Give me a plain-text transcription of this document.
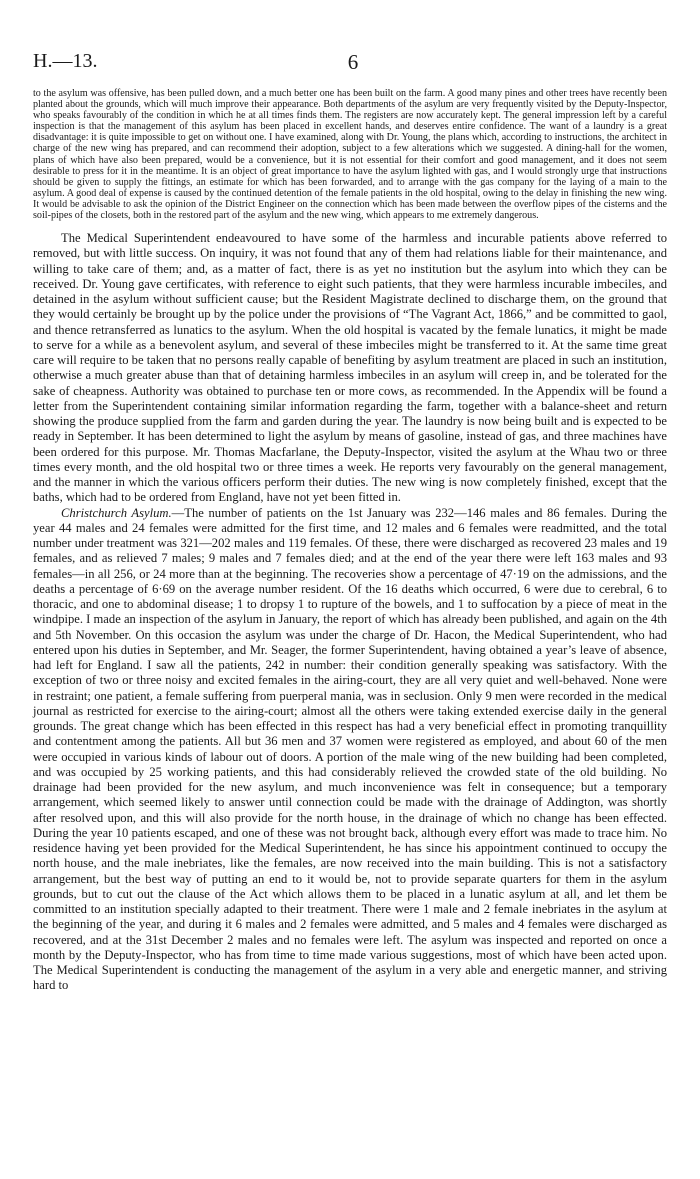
H.—13.	6

to the asylum was offensive, has been pulled down, and a much better one has been built on the farm. A good many pines and other trees have recently been planted about the grounds, which will much improve their appearance. Both departments of the asylum are very frequently visited by the Deputy-Inspector, who speaks favourably of the condition in which he at all times finds them. The registers are now accurately kept. The general impression left by a careful inspection is that the management of this asylum has been placed in excellent hands, and deserves entire confidence. The want of a laundry is a great disadvantage: it is quite impossible to get on without one. I have examined, along with Dr. Young, the plans which, according to instructions, the architect in charge of the new wing has prepared, and can recommend their adoption, subject to a few alterations which we suggested. A dining-hall for the women, plans of which have also been prepared, would be a convenience, but it is not essential for their comfort and good management, and it does not seem desirable to press for it in the meantime. It is an object of great importance to have the asylum lighted with gas, and I would strongly urge that instructions should be given to supply the fittings, an estimate for which has been forwarded, and to arrange with the gas company for the laying of a main to the asylum. A good deal of expense is caused by the continued detention of the female patients in the old hospital, owing to the delay in finishing the new wing. It would be advisable to ask the opinion of the District Engineer on the connection which has been made between the overflow pipes of the cisterns and the soil-pipes of the closets, both in the restored part of the asylum and the new wing, which appears to me extremely dangerous.

The Medical Superintendent endeavoured to have some of the harmless and incurable patients above referred to removed, but with little success. On inquiry, it was not found that any of them had relations liable for their maintenance, and willing to take care of them; and, as a matter of fact, there is as yet no institution but the asylum into which they can be received. Dr. Young gave certificates, with reference to eight such patients, that they were harmless incurable imbeciles, and detained in the asylum without sufficient cause; but the Resident Magistrate declined to discharge them, on the ground that they would certainly be brought up by the police under the provisions of “The Vagrant Act, 1866,” and be committed to gaol, and thence retransferred as lunatics to the asylum. When the old hospital is vacated by the female lunatics, it might be made to serve for a while as a benevolent asylum, and several of these imbeciles might be transferred to it. At the same time great care will require to be taken that no persons really capable of benefiting by asylum treatment are placed in such an institution, otherwise a much greater abuse than that of detaining harmless imbeciles in an asylum will creep in, and be tolerated for the sake of cheapness. Authority was obtained to purchase ten or more cows, as recommended. In the Appendix will be found a letter from the Superintendent containing similar information regarding the farm, together with a balance-sheet and return showing the produce supplied from the farm and garden during the year. The laundry is now being built and is expected to be ready in September. It has been determined to light the asylum by means of gasoline, instead of gas, and three machines have been ordered for this purpose. Mr. Thomas Macfarlane, the Deputy-Inspector, visited the asylum at the Whau two or three times every month, and the old hospital two or three times a week. He reports very favourably on the general management, and the manner in which the various officers perform their duties. The new wing is now completely finished, except that the baths, which had to be ordered from England, have not yet been fitted in.

Christchurch Asylum.—The number of patients on the 1st January was 232—146 males and 86 females. During the year 44 males and 24 females were admitted for the first time, and 12 males and 6 females were readmitted, and the total number under treatment was 321—202 males and 119 females. Of these, there were discharged as recovered 23 males and 19 females, and as relieved 7 males; 9 males and 7 females died; and at the end of the year there were left 163 males and 93 females—in all 256, or 24 more than at the beginning. The recoveries show a percentage of 47·19 on the admissions, and the deaths a percentage of 6·69 on the average number resident. Of the 16 deaths which occurred, 6 were due to cerebral, 6 to thoracic, and one to abdominal disease; 1 to dropsy 1 to rupture of the bowels, and 1 to suffocation by a piece of meat in the windpipe. I made an inspection of the asylum in January, the report of which has already been published, and again on the 4th and 5th November. On this occasion the asylum was under the charge of Dr. Hacon, the Medical Superintendent, who had entered upon his duties in September, and Mr. Seager, the former Superintendent, having obtained a year’s leave of absence, had left for England. I saw all the patients, 242 in number: their condition generally speaking was satisfactory. With the exception of two or three noisy and excited females in the airing-court, they are all very quiet and well-behaved. None were in restraint; one patient, a female suffering from puerperal mania, was in seclusion. Only 9 men were recorded in the medical journal as restricted for exercise to the airing-court; almost all the others were taking extended exercise daily in the general grounds. The great change which has been effected in this respect has had a very beneficial effect in promoting tranquillity and contentment among the patients. All but 36 men and 37 women were registered as employed, and about 60 of the men were occupied in various kinds of labour out of doors. A portion of the male wing of the new building had been completed, and was occupied by 25 working patients, and this had considerably relieved the crowded state of the old building. No drainage had been provided for the new asylum, and much inconvenience was felt in consequence; but a temporary arrangement, which seemed likely to answer until connection could be made with the drainage of Addington, was shortly after resolved upon, and this will also provide for the north house, in the drainage of which no change has been effected. During the year 10 patients escaped, and one of these was not brought back, although every effort was made to trace him. No residence having yet been provided for the Medical Superintendent, he has since his appointment continued to occupy the north house, and the male inebriates, like the females, are now received into the main building. This is not a satisfactory arrangement, but the best way of putting an end to it would be, not to provide separate quarters for them in the asylum grounds, but to cut out the clause of the Act which allows them to be placed in a lunatic asylum at all, and let them be committed to an institution specially adapted to their treatment. There were 1 male and 2 female inebriates in the asylum at the beginning of the year, and during it 6 males and 2 females were admitted, and 5 males and 4 females were discharged as recovered, and at the 31st December 2 males and no females were left. The asylum was inspected and reported on once a month by the Deputy-Inspector, who has from time to time made various suggestions, most of which have been acted upon. The Medical Superintendent is conducting the management of the asylum in a very able and energetic manner, and striving hard to
